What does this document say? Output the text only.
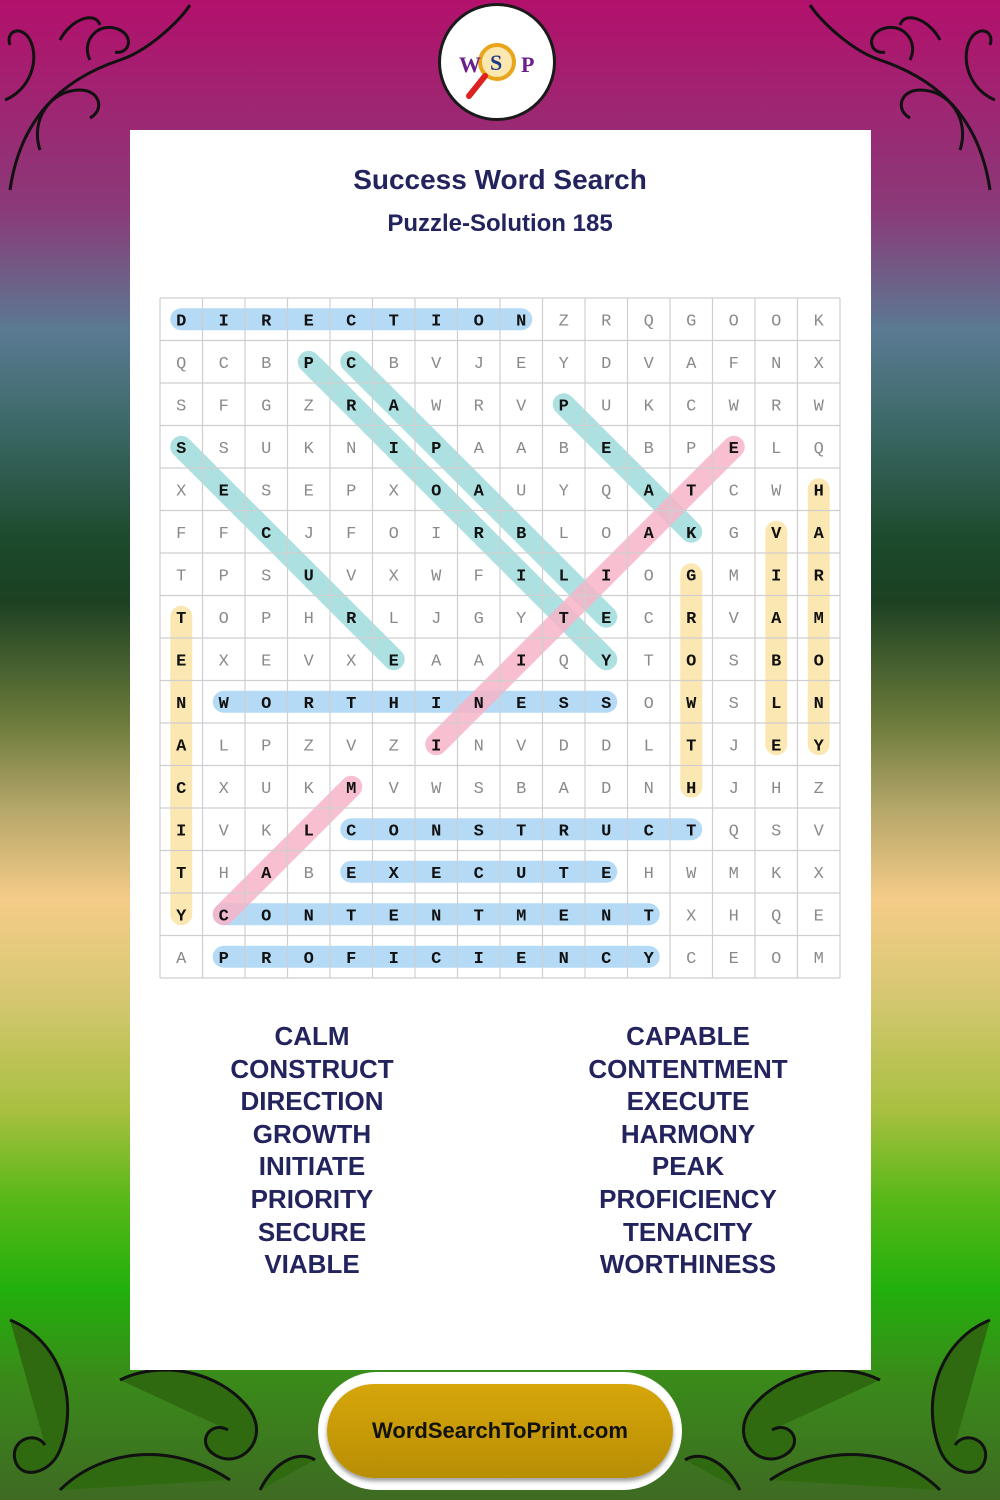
W S P
Success Word Search
Puzzle-Solution 185
D I R E C T I O N Z R Q G O O K
Q C B P C B V J E Y D V A F N X
S F G Z R A W R V P U K C W R W
S S U K N I P A A B E B P E L Q
X E S E P X O A U Y Q A T C W H
F F C J F O I R B L O A K G V A
T P S U V X W F I L I O G M I R
T O P H R L J G Y T E C R V A M
E X E V X E A A I Q Y T O S B O
N W O R T H I N E S S O W S L N
A L P Z V Z I N V D D L T J E Y
C X U K M V W S B A D N H J H Z
I V K L C O N S T R U C T Q S V
T H A B E X E C U T E H W M K X
Y C O N T E N T M E N T X H Q E
A P R O F I C I E N C Y C E O M
CALM
CONSTRUCT
DIRECTION
GROWTH
INITIATE
PRIORITY
SECURE
VIABLE
CAPABLE
CONTENTMENT
EXECUTE
HARMONY
PEAK
PROFICIENCY
TENACITY
WORTHINESS
WordSearchToPrint.com
